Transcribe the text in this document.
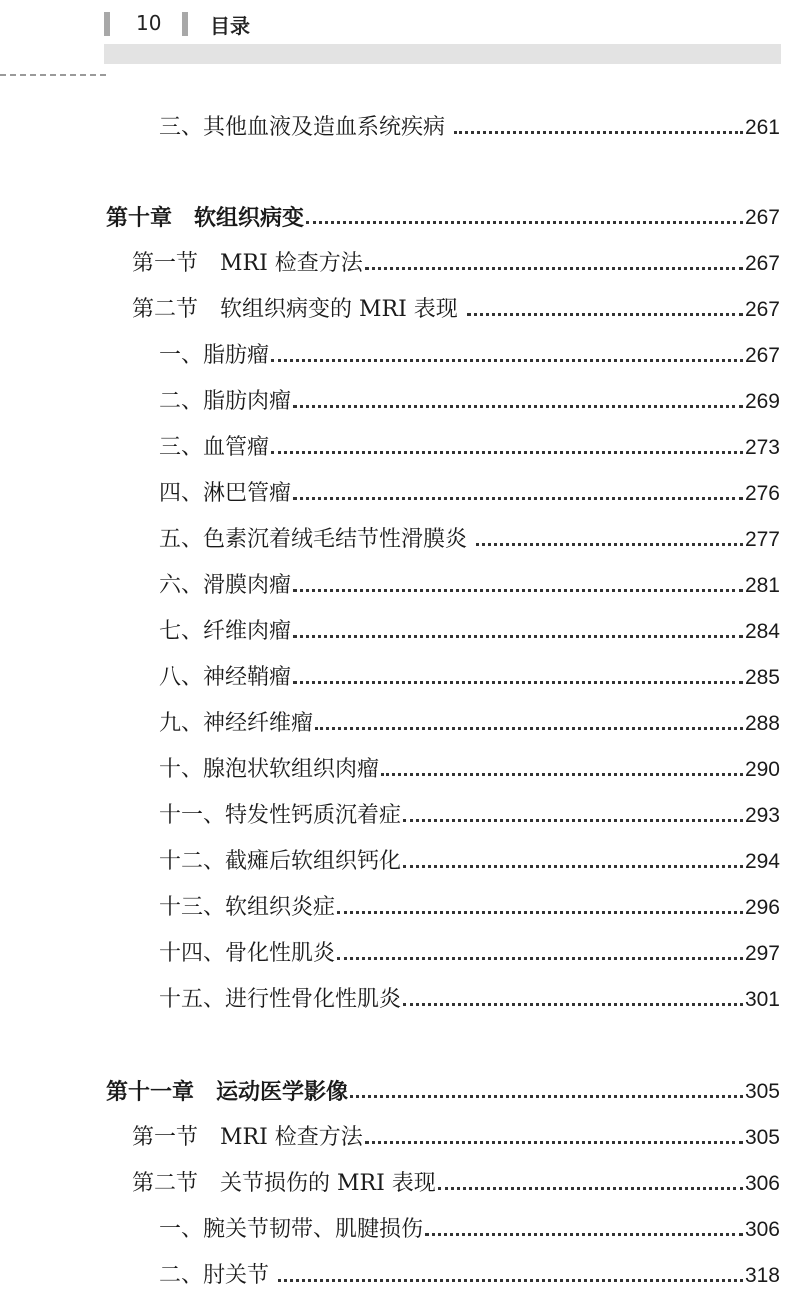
10 目录
三、其他血液及造血系统疾病	261
第十章　软组织病变	267
第一节　MRI 检查方法	267
第二节　软组织病变的 MRI 表现	267
一、脂肪瘤	267
二、脂肪肉瘤	269
三、血管瘤	273
四、淋巴管瘤	276
五、色素沉着绒毛结节性滑膜炎	277
六、滑膜肉瘤	281
七、纤维肉瘤	284
八、神经鞘瘤	285
九、神经纤维瘤	288
十、腺泡状软组织肉瘤	290
十一、特发性钙质沉着症	293
十二、截瘫后软组织钙化	294
十三、软组织炎症	296
十四、骨化性肌炎	297
十五、进行性骨化性肌炎	301
第十一章　运动医学影像	305
第一节　MRI 检查方法	305
第二节　关节损伤的 MRI 表现	306
一、腕关节韧带、肌腱损伤	306
二、肘关节	318
